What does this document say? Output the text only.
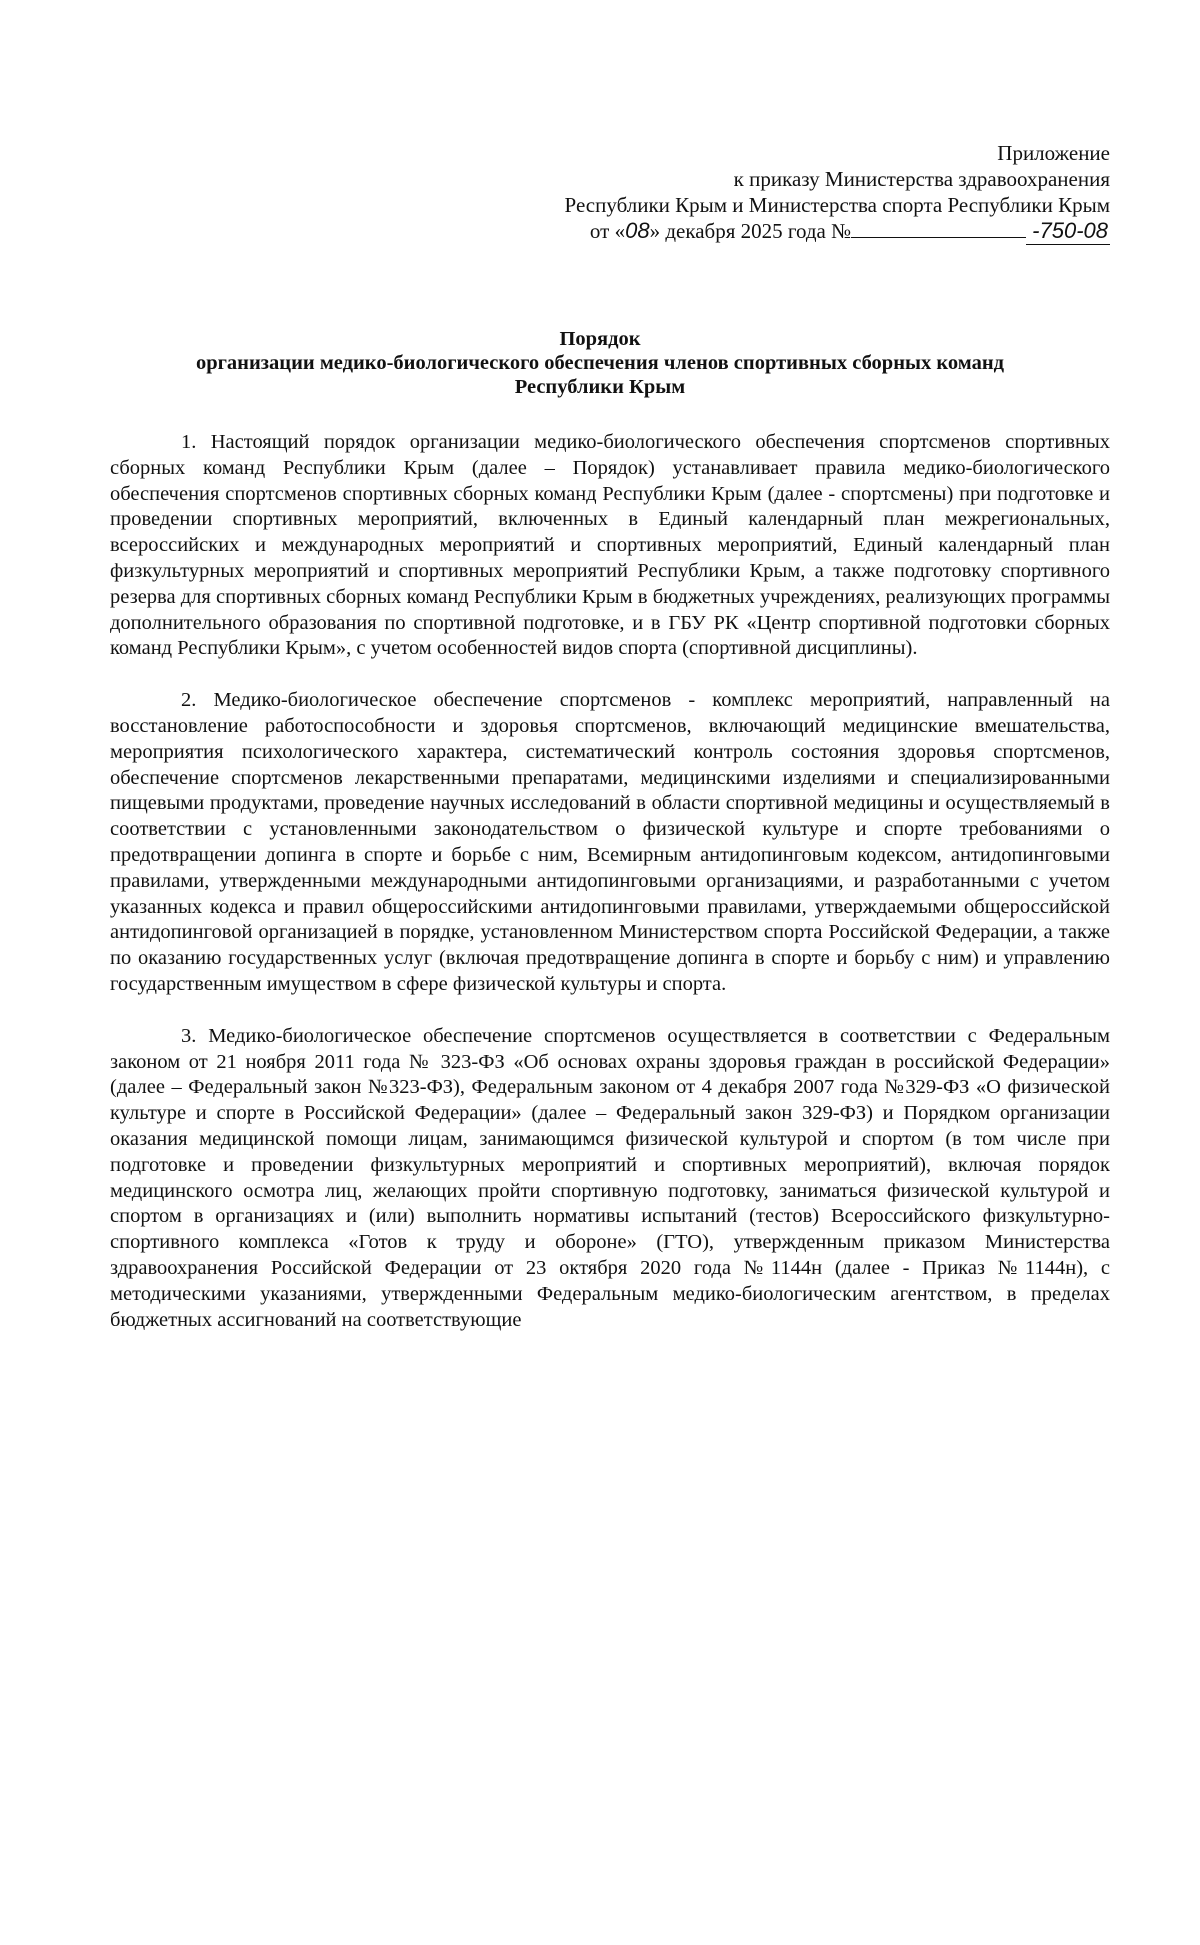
Приложение
к приказу Министерства здравоохранения
Республики Крым и Министерства спорта Республики Крым
от «08» декабря 2025 года №	-750-08
Порядок
организации медико-биологического обеспечения членов спортивных сборных команд
Республики Крым

1. Настоящий порядок организации медико-биологического обеспечения спортсменов спортивных сборных команд Республики Крым (далее – Порядок) устанавливает правила медико-биологического обеспечения спортсменов спортивных сборных команд Республики Крым (далее - спортсмены) при подготовке и проведении спортивных мероприятий, включенных в Единый календарный план межрегиональных, всероссийских и международных мероприятий и спортивных мероприятий, Единый календарный план физкультурных мероприятий и спортивных мероприятий Республики Крым, а также подготовку спортивного резерва для спортивных сборных команд Республики Крым в бюджетных учреждениях, реализующих программы дополнительного образования по спортивной подготовке, и в ГБУ РК «Центр спортивной подготовки сборных команд Республики Крым», с учетом особенностей видов спорта (спортивной дисциплины).

2. Медико-биологическое обеспечение спортсменов - комплекс мероприятий, направленный на восстановление работоспособности и здоровья спортсменов, включающий медицинские вмешательства, мероприятия психологического характера, систематический контроль состояния здоровья спортсменов, обеспечение спортсменов лекарственными препаратами, медицинскими изделиями и специализированными пищевыми продуктами, проведение научных исследований в области спортивной медицины и осуществляемый в соответствии с установленными законодательством о физической культуре и спорте требованиями о предотвращении допинга в спорте и борьбе с ним, Всемирным антидопинговым кодексом, антидопинговыми правилами, утвержденными международными антидопинговыми организациями, и разработанными с учетом указанных кодекса и правил общероссийскими антидопинговыми правилами, утверждаемыми общероссийской антидопинговой организацией в порядке, установленном Министерством спорта Российской Федерации, а также по оказанию государственных услуг (включая предотвращение допинга в спорте и борьбу с ним) и управлению государственным имуществом в сфере физической культуры и спорта.

3. Медико-биологическое обеспечение спортсменов осуществляется в соответствии с Федеральным законом от 21 ноября 2011 года № 323-ФЗ «Об основах охраны здоровья граждан в российской Федерации» (далее – Федеральный закон №323-ФЗ), Федеральным законом от 4 декабря 2007 года №329-ФЗ «О физической культуре и спорте в Российской Федерации» (далее – Федеральный закон 329-ФЗ) и Порядком организации оказания медицинской помощи лицам, занимающимся физической культурой и спортом (в том числе при подготовке и проведении физкультурных мероприятий и спортивных мероприятий), включая порядок медицинского осмотра лиц, желающих пройти спортивную подготовку, заниматься физической культурой и спортом в организациях и (или) выполнить нормативы испытаний (тестов) Всероссийского физкультурно-спортивного комплекса «Готов к труду и обороне» (ГТО), утвержденным приказом Министерства здравоохранения Российской Федерации от 23 октября 2020 года №1144н (далее - Приказ №1144н), с методическими указаниями, утвержденными Федеральным медико-биологическим агентством, в пределах бюджетных ассигнований на соответствующие
